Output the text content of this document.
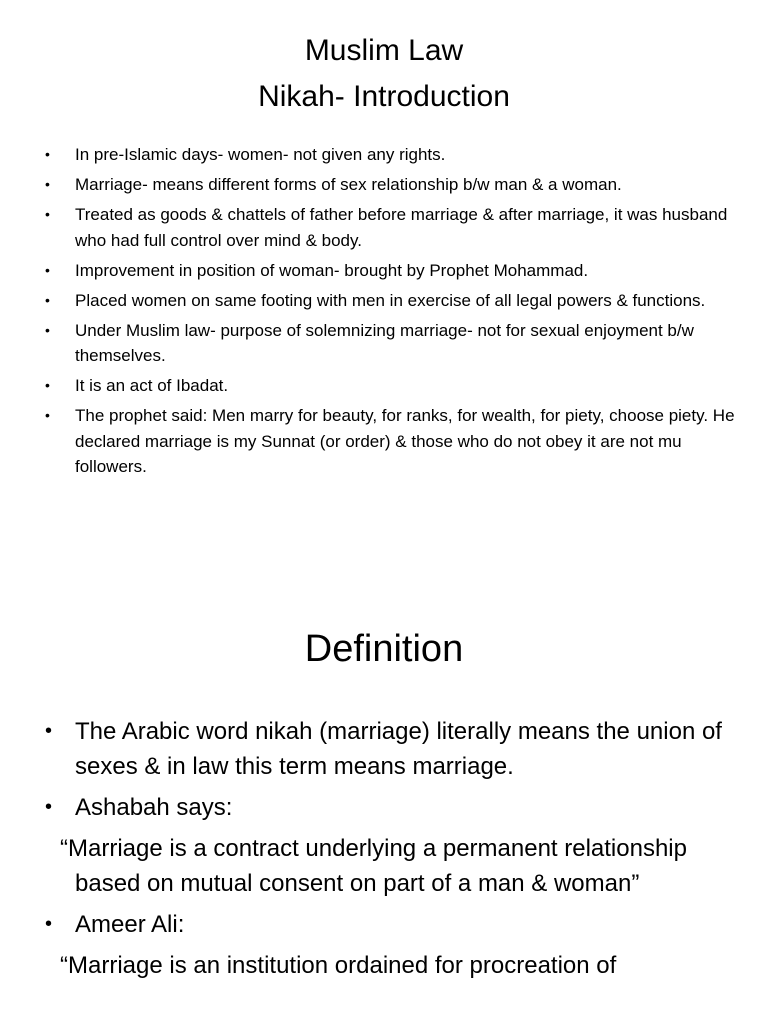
Muslim Law
Nikah- Introduction
• In pre-Islamic days- women- not given any rights.
• Marriage- means different forms of sex relationship b/w man & a woman.
• Treated as goods & chattels of father before marriage & after marriage, it was husband who had full control over mind & body.
• Improvement in position of woman- brought by Prophet Mohammad.
• Placed women on same footing with men in exercise of all legal powers & functions.
• Under Muslim law- purpose of solemnizing marriage- not for sexual enjoyment b/w themselves.
• It is an act of Ibadat.
• The prophet said: Men marry for beauty, for ranks, for wealth, for piety, choose piety. He declared marriage is my Sunnat (or order) & those who do not obey it are not mu followers.
Definition
• The Arabic word nikah (marriage) literally means the union of sexes & in law this term means marriage.
• Ashabah says:
“Marriage is a contract underlying a permanent relationship based on mutual consent on part of a man & woman”
• Ameer Ali:
“Marriage is an institution ordained for procreation of
